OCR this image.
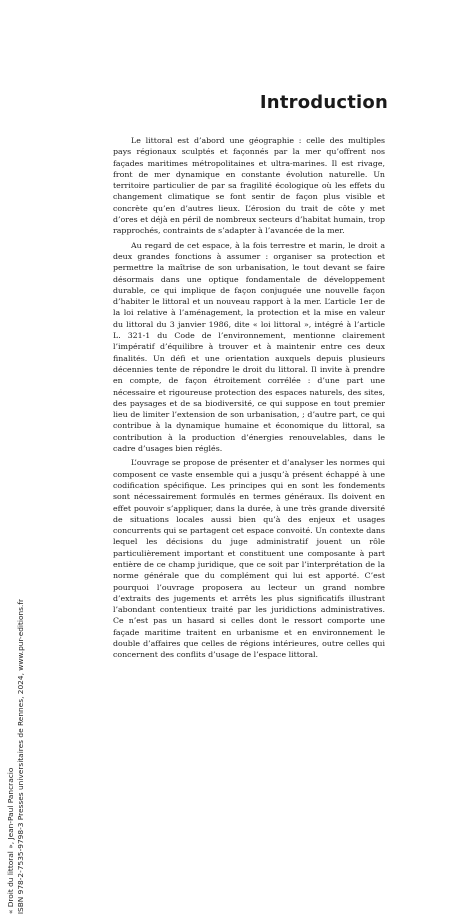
Introduction

Le littoral est d’abord une géographie : celle des multiples pays régionaux sculptés et façonnés par la mer qu’offrent nos façades maritimes métropolitaines et ultra-marines. Il est rivage, front de mer dynamique en constante évolution naturelle. Un territoire particulier de par sa fragilité écologique où les effets du changement climatique se font sentir de façon plus visible et concrète qu’en d’autres lieux. L’érosion du trait de côte y met d’ores et déjà en péril de nombreux secteurs d’habitat humain, trop rapprochés, contraints de s’adapter à l’avancée de la mer.

Au regard de cet espace, à la fois terrestre et marin, le droit a deux grandes fonctions à assumer : organiser sa protection et permettre la maîtrise de son urbanisation, le tout devant se faire désormais dans une optique fondamentale de développement durable, ce qui implique de façon conjuguée une nouvelle façon d’habiter le littoral et un nouveau rapport à la mer. L’article 1er de la loi relative à l’aménagement, la protection et la mise en valeur du littoral du 3 janvier 1986, dite « loi littoral », intégré à l’article L. 321-1 du Code de l’environnement, mentionne clairement l’impératif d’équilibre à trouver et à maintenir entre ces deux finalités. Un défi et une orientation auxquels depuis plusieurs décennies tente de répondre le droit du littoral. Il invite à prendre en compte, de façon étroitement corrélée : d’une part une nécessaire et rigoureuse protection des espaces naturels, des sites, des paysages et de sa biodiversité, ce qui suppose en tout premier lieu de limiter l’extension de son urbanisation, ; d’autre part, ce qui contribue à la dynamique humaine et économique du littoral, sa contribution à la production d’énergies renouvelables, dans le cadre d’usages bien réglés.

L’ouvrage se propose de présenter et d’analyser les normes qui composent ce vaste ensemble qui a jusqu’à présent échappé à une codification spécifique. Les principes qui en sont les fondements sont nécessairement formulés en termes généraux. Ils doivent en effet pouvoir s’appliquer, dans la durée, à une très grande diversité de situations locales aussi bien qu’à des enjeux et usages concurrents qui se partagent cet espace convoité. Un contexte dans lequel les décisions du juge administratif jouent un rôle particulièrement important et constituent une composante à part entière de ce champ juridique, que ce soit par l’interprétation de la norme générale que du complément qui lui est apporté. C’est pourquoi l’ouvrage proposera au lecteur un grand nombre d’extraits des jugements et arrêts les plus significatifs illustrant l’abondant contentieux traité par les juridictions administratives. Ce n’est pas un hasard si celles dont le ressort comporte une façade maritime traitent en urbanisme et en environnement le double d’affaires que celles de régions intérieures, outre celles qui concernent des conflits d’usage de l’espace littoral.

« Droit du littoral », Jean-Paul Pancracio ISBN 978-2-7535-9798-3 Presses universitaires de Rennes, 2024, www.pur-editions.fr
